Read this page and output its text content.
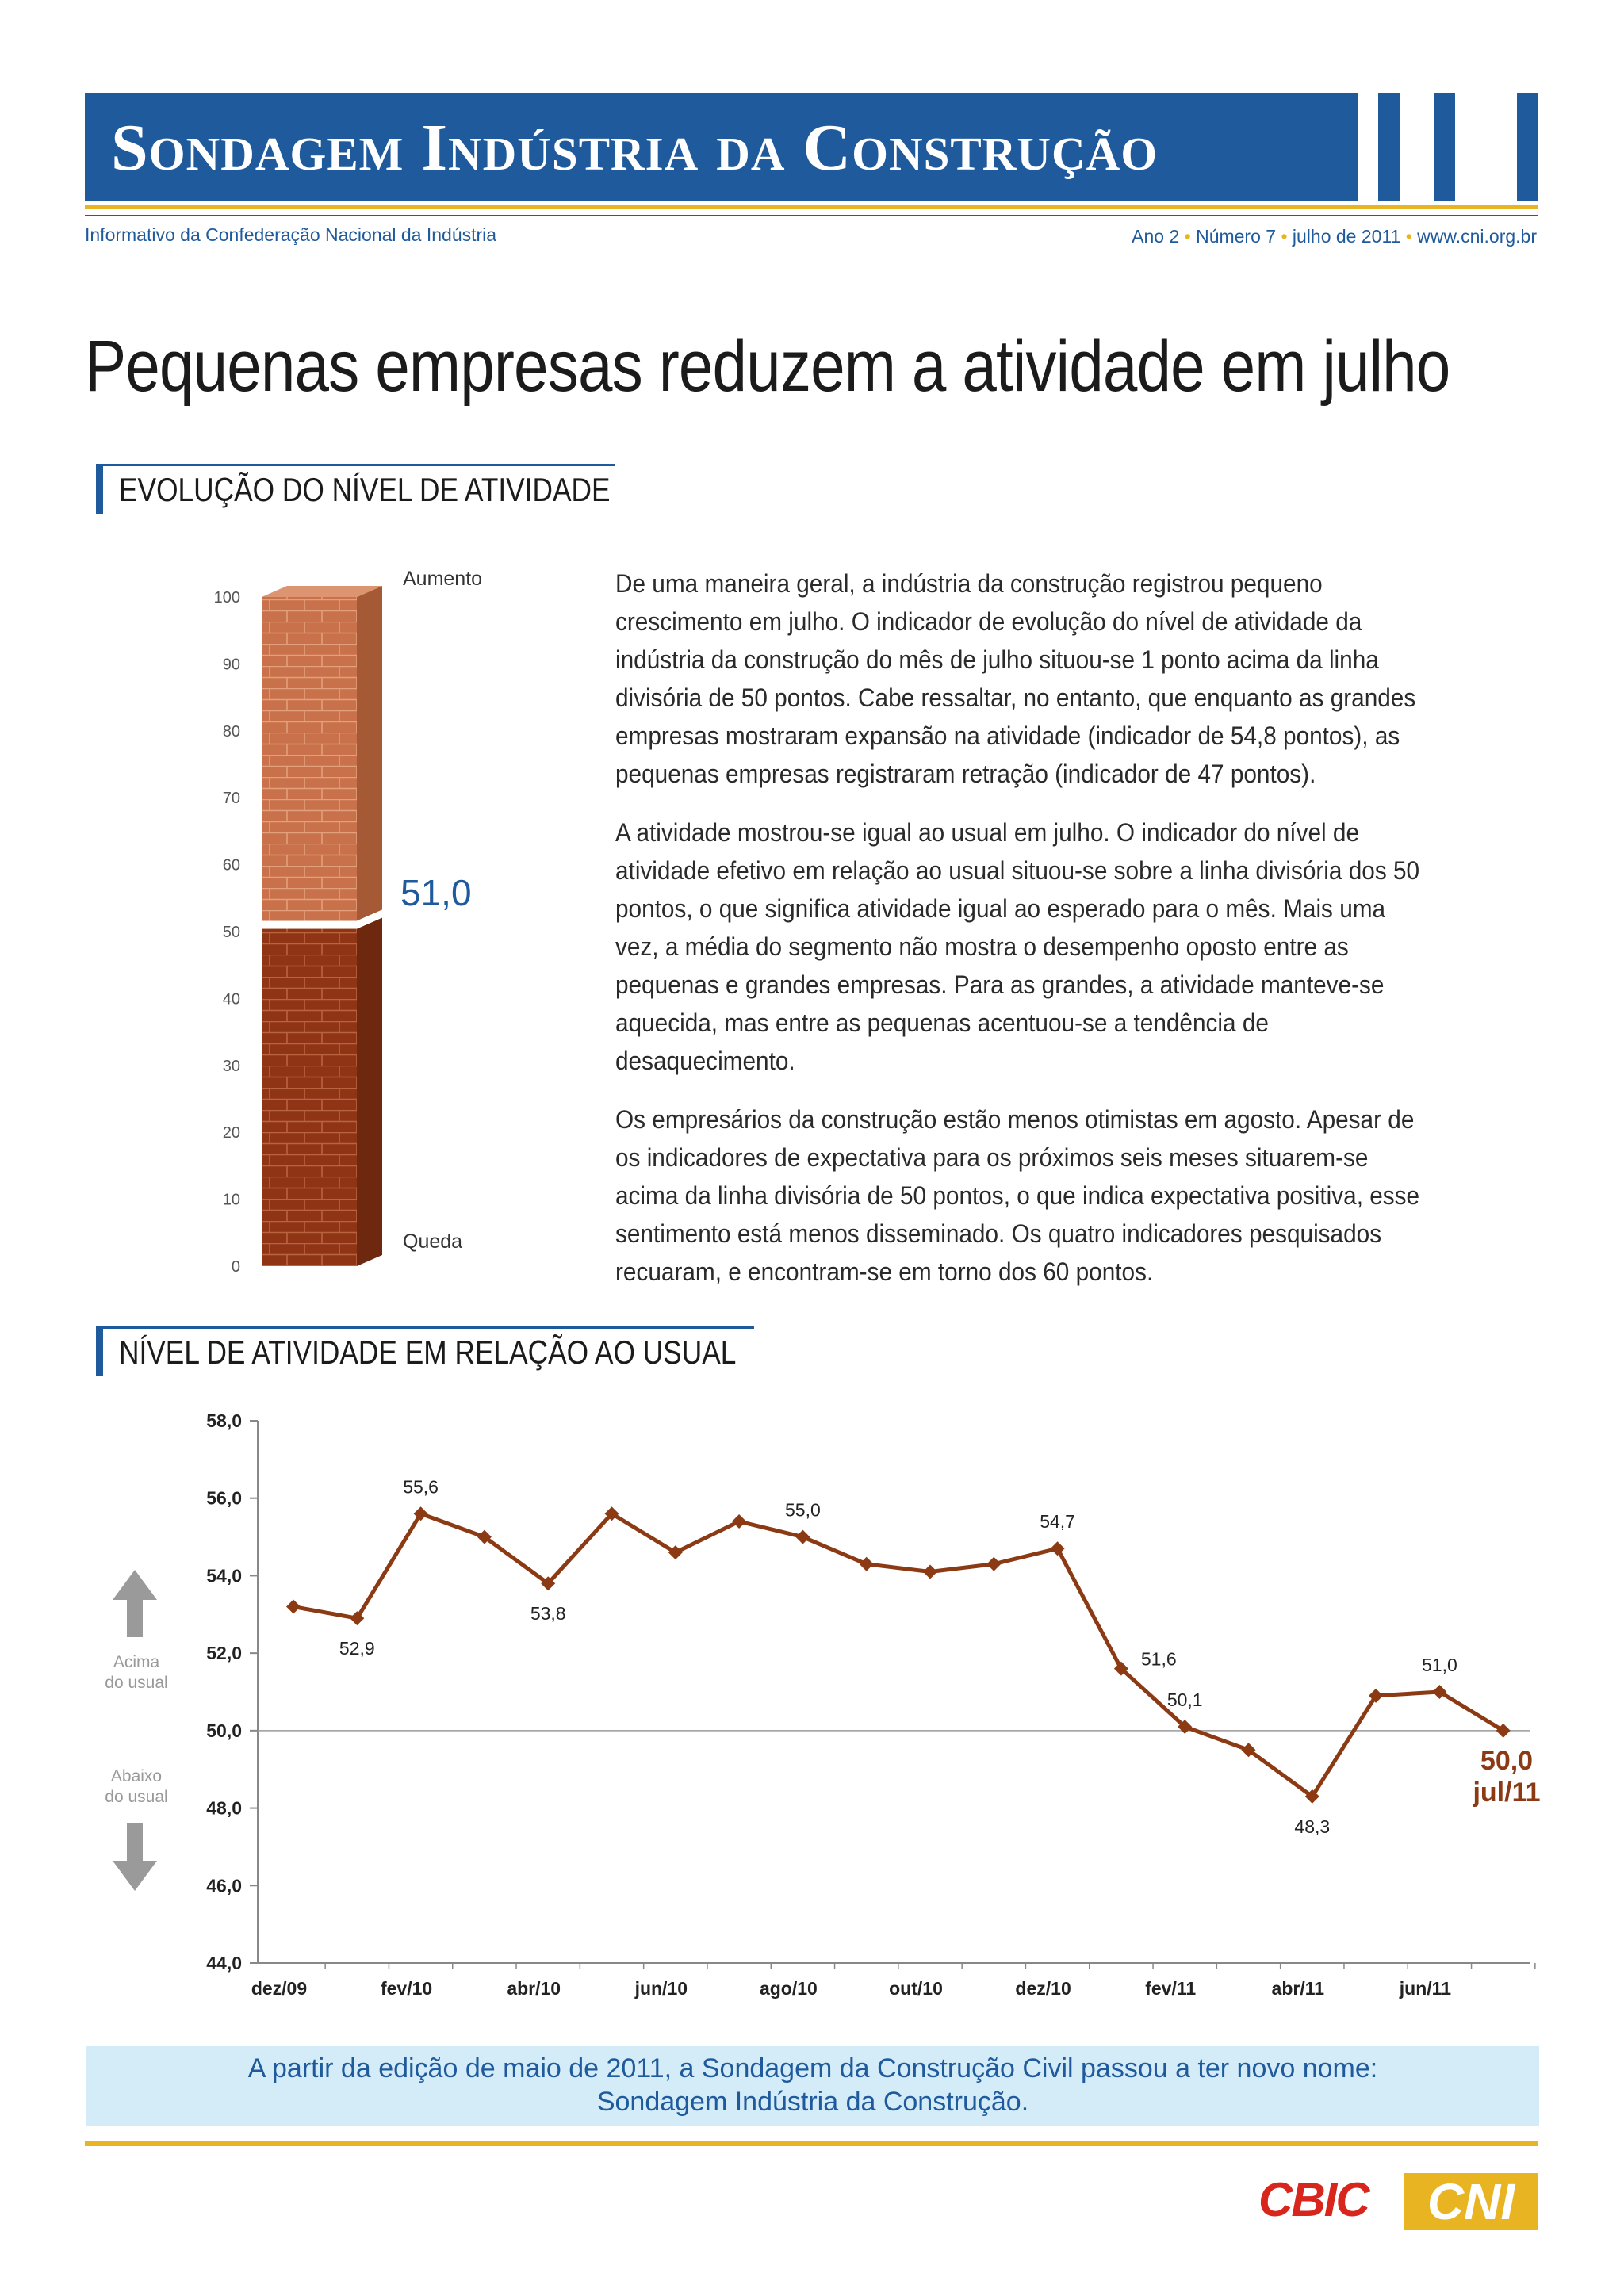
Sondagem Indústria da Construção
Informativo da Confederação Nacional da Indústria	Ano 2 • Número 7 • julho de 2011 • www.cni.org.br
Pequenas empresas reduzem a atividade em julho
EVOLUÇÃO DO NÍVEL DE ATIVIDADE
0
10
20
30
40
50
60
70
80
90
100
Aumento
Queda
51,0

De uma maneira geral, a indústria da construção registrou pequeno crescimento em julho. O indicador de evolução do nível de atividade da indústria da construção do mês de julho situou-se 1 ponto acima da linha divisória de 50 pontos. Cabe ressaltar, no entanto, que enquanto as grandes empresas mostraram expansão na atividade (indicador de 54,8 pontos), as pequenas empresas registraram retração (indicador de 47 pontos).

A atividade mostrou-se igual ao usual em julho. O indicador do nível de atividade efetivo em relação ao usual situou-se sobre a linha divisória dos 50 pontos, o que significa atividade igual ao esperado para o mês. Mais uma vez, a média do segmento não mostra o desempenho oposto entre as pequenas e grandes empresas. Para as grandes, a atividade manteve-se aquecida, mas entre as pequenas acentuou-se a tendência de desaquecimento.

Os empresários da construção estão menos otimistas em agosto. Apesar de os indicadores de expectativa para os próximos seis meses situarem-se acima da linha divisória de 50 pontos, o que indica expectativa positiva, esse sentimento está menos disseminado. Os quatro indicadores pesquisados recuaram, e encontram-se em torno dos 60 pontos.

NÍVEL DE ATIVIDADE EM RELAÇÃO AO USUAL
44,0
46,0
48,0
50,0
52,0
54,0
56,0
58,0
dez/09	fev/10	abr/10	jun/10	ago/10	out/10	dez/10	fev/11	abr/11	jun/11
52,9
55,6
53,8
55,0
54,7
51,6
50,1
48,3
51,0
Acima
do usual
Abaixo
do usual
50,0
jul/11
A partir da edição de maio de 2011, a Sondagem da Construção Civil passou a ter novo nome:
Sondagem Indústria da Construção.
CBIC	CNI
